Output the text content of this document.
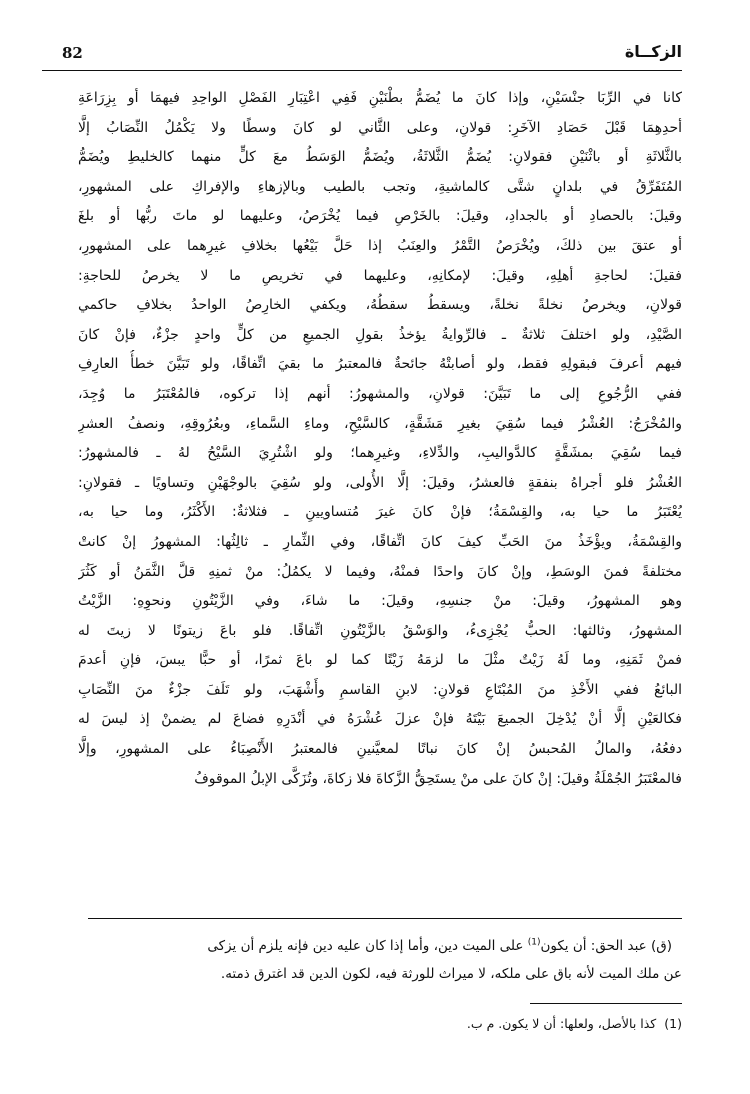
82	الزكــاة
كانا في الرِّبَا جنْسَيْنِ، وإذا كانَ ما يُضَمُّ بطْنَيْنِ فَفِي اعْتِبَارِ الفَصْلِ الواحِدِ فيهمَا أو بِزِرَاعَةِ
أحدِهِمَا قَبْلَ حَصَادِ الآخَرِ: قولانِ، وعلى الثَّاني لو كانَ وسطًا ولا يَكْمُلُ النِّصَابُ إلَّا
بالثَّلاثَةِ أو باثْنَيْنِ فقولانِ: يُضَمُّ الثَّلاثَةُ، ويُضَمُّ الوَسَطُ معَ كلٍّ منهما كالخليطِ ويُضَمُّ
المُتَفَرِّقُ في بلدانٍ شتَّى كالماشيةِ، وتجب بالطيب وبالإزهاءِ والإفراكِ على المشهورِ،
وقيلَ: بالحصادِ أو بالجدادِ، وقيلَ: بالخَرْصِ فيما يُخْرَصُ، وعليهما لو ماتَ ربُّها أو بلغَ
أو عتقَ بين ذلكَ، ويُخْرَصُ التَّمْرُ والعِنَبُ إذا حَلَّ بَيْعُها بخلافِ غيرِهما على المشهورِ،
فقيلَ: لحاجةِ أهلِهِ، وقيلَ: لإمكانِهِ، وعليهما في تخريصِ ما لا يخرصُ للحاجةِ:
قولانِ، ويخرصُ نخلةً نخلةً، ويسقطُ سقطُهُ، ويكفي الخارِصُ الواحدُ بخلافِ حاكمي
الصَّيْدِ، ولو اختلفَ ثلاثةٌ ـ فالرِّوايةُ يؤخذُ بقولِ الجميعِ من كلٍّ واحدٍ جزْءٌ، فإنْ كانَ
فيهم أعرفَ فبقولِهِ فقط، ولو أصابتْهُ جائحةٌ فالمعتبرُ ما بقيَ اتِّفاقًا، ولو تَبَيَّنَ خطأُ العارِفِ
ففي الرُّجُوعِ إلى ما تَبَيَّنَ: قولانِ، والمشهورُ: أنهم إذا تركوه، فالمُعْتَبَرُ ما وُجِدَ،
والمُخْرَجُ: العُشْرُ فيما سُقِيَ بغيرِ مَشَقَّةٍ، كالسَّيْحِ، وماءِ السَّماءِ، وبعُرُوقِهِ، ونصفُ العشرِ
فيما سُقِيَ بمشَقَّةٍ كالدَّواليبِ، والدِّلاءِ، وغيرِهما؛ ولو اشْتُرِيَ السَّيْحُ لهُ ـ فالمشهورُ:
العُشْرُ فلو أجراهُ بنفقةٍ فالعشرُ، وقيلَ: إلَّا الأُولى، ولو سُقِيَ بالوجْهَيْنِ وتساويًا ـ فقولانِ:
يُعْتَبَرُ ما حيا به، والقِسْمَةُ؛ فإنْ كانَ غيرَ مُتساويينِ ـ فثلاثةٌ: الأَكْثَرُ، وما حيا به،
والقِسْمَةُ، ويؤْخَذُ منَ الحَبِّ كيفَ كانَ اتِّفاقًا، وفي الثِّمارِ ـ ثالِثُها: المشهورُ إنْ كانتْ
مختلفةً فمنَ الوسَطِ، وإنْ كانَ واحدًا فمنْهُ، وفيما لا يكمُلُ: منْ ثمنِهِ قلَّ الثَّمَنُ أو كَثُرَ
وهو المشهورُ، وقيلَ: منْ جنسِهِ، وقيلَ: ما شاءَ، وفي الزَّيْتُونِ ونحوِهِ: الزَّيْتُ
المشهورُ، وثالثها: الحبُّ يُجْزِىءُ، والوَسْقُ بالزَّيْتُونِ اتِّفاقًا. فلو باعَ زيتونًا لا زيتَ له
فمنْ ثَمَنِهِ، وما لَهُ زَيْتٌ مثْلَ ما لزمَهُ زَيْتًا كما لو باعَ ثمرًا، أو حبًّا يبسَ، فإنِ أعدمَ
البائعُ ففي الأَخْذِ منَ المُبْتَاعِ قولانِ: لابنِ القاسمِ وأَشْهَبَ، ولو تَلَفَ جزْءٌ منَ النِّصَابِ
فكالعَيْنِ إلَّا أنْ يُدْخِلَ الجميعَ بَيْتَهُ فإنْ عزلَ عُشْرَهُ في أنْدَرِهِ فضاعَ لم يضمنْ إذ ليسَ له
دفعُهُ، والمالُ المُحبسُ إنْ كانَ نباتًا لمعيَّنينِ فالمعتبرُ الأَنْصِبَاءُ على المشهورِ، وإلَّا
فالمعْتَبَرُ الجُمْلَةُ وقيلَ: إنْ كانَ على منْ يستَحِقُّ الزَّكاةَ فلا زكاةَ، وتُزَكَّى الإبلُ الموقوفُ
(ق) عبد الحق: أن يكون$^{(1)}$ على الميت دين، وأما إذا كان عليه دين فإنه يلزم أن يزكى
عن ملك الميت لأنه باق على ملكه، لا ميراث للورثة فيه، لكون الدين قد اغترق ذمته.
(1)كذا بالأصل، ولعلها: أن لا يكون. م ب.
